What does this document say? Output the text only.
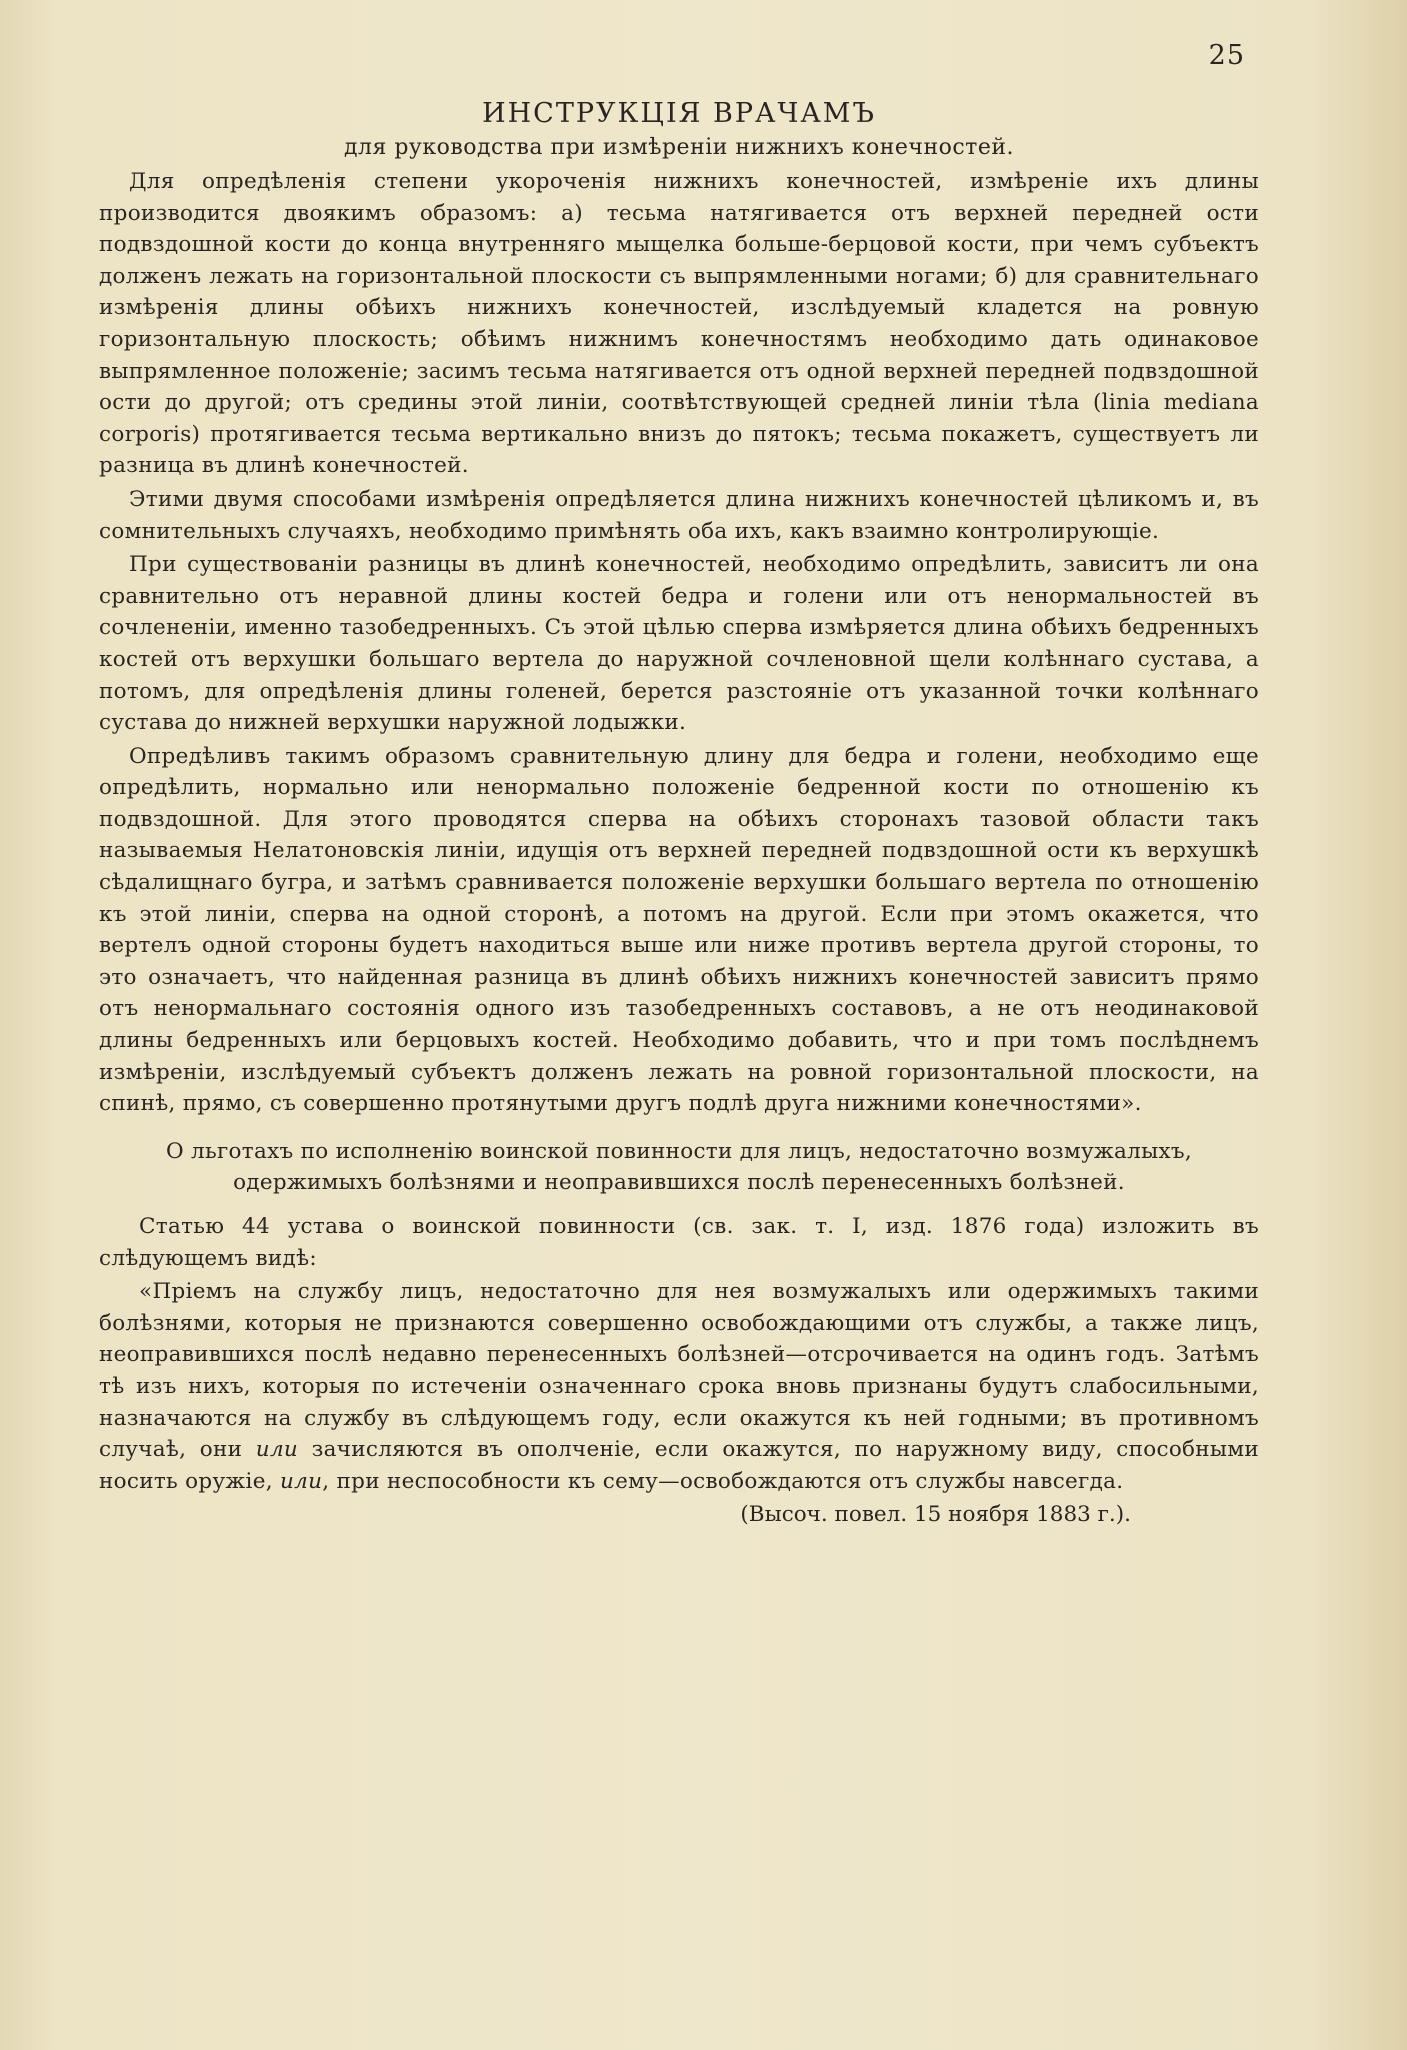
25
ИНСТРУКЦІЯ ВРАЧАМЪ
для руководства при измѣреніи нижнихъ конечностей.

Для опредѣленія степени укороченія нижнихъ конечностей, измѣреніе ихъ длины производится двоякимъ образомъ: а) тесьма натягивается отъ верхней передней ости подвздошной кости до конца внутренняго мыщелка больше-берцовой кости, при чемъ субъектъ долженъ лежать на горизонтальной плоскости съ выпрямленными ногами; б) для сравнительнаго измѣренія длины обѣихъ нижнихъ конечностей, изслѣдуемый кладется на ровную горизонтальную плоскость; обѣимъ нижнимъ конечностямъ необходимо дать одинаковое выпрямленное положеніе; засимъ тесьма натягивается отъ одной верхней передней подвздошной ости до другой; отъ средины этой линіи, соотвѣтствующей средней линіи тѣла (linia mediana corporis) протягивается тесьма вертикально внизъ до пятокъ; тесьма покажетъ, существуетъ ли разница въ длинѣ конечностей.

Этими двумя способами измѣренія опредѣляется длина нижнихъ конечностей цѣликомъ и, въ сомнительныхъ случаяхъ, необходимо примѣнять оба ихъ, какъ взаимно контролирующіе.

При существованіи разницы въ длинѣ конечностей, необходимо опредѣлить, зависитъ ли она сравнительно отъ неравной длины костей бедра и голени или отъ ненормальностей въ сочлененіи, именно тазобедренныхъ. Съ этой цѣлью сперва измѣряется длина обѣихъ бедренныхъ костей отъ верхушки большаго вертела до наружной сочленовной щели колѣннаго сустава, а потомъ, для опредѣленія длины голеней, берется разстояніе отъ указанной точки колѣннаго сустава до нижней верхушки наружной лодыжки.

Опредѣливъ такимъ образомъ сравнительную длину для бедра и голени, необходимо еще опредѣлить, нормально или ненормально положеніе бедренной кости по отношенію къ подвздошной. Для этого проводятся сперва на обѣихъ сторонахъ тазовой области такъ называемыя Нелатоновскія линіи, идущія отъ верхней передней подвздошной ости къ верхушкѣ сѣдалищнаго бугра, и затѣмъ сравнивается положеніе верхушки большаго вертела по отношенію къ этой линіи, сперва на одной сторонѣ, а потомъ на другой. Если при этомъ окажется, что вертелъ одной стороны будетъ находиться выше или ниже противъ вертела другой стороны, то это означаетъ, что найденная разница въ длинѣ обѣихъ нижнихъ конечностей зависитъ прямо отъ ненормальнаго состоянія одного изъ тазобедренныхъ составовъ, а не отъ неодинаковой длины бедренныхъ или берцовыхъ костей. Необходимо добавить, что и при томъ послѣднемъ измѣреніи, изслѣдуемый субъектъ долженъ лежать на ровной горизонтальной плоскости, на спинѣ, прямо, съ совершенно протянутыми другъ подлѣ друга нижними конечностями».

О льготахъ по исполненію воинской повинности для лицъ, недостаточно возмужалыхъ, одержимыхъ болѣзнями и неоправившихся послѣ перенесенныхъ болѣзней.

Статью 44 устава о воинской повинности (св. зак. т. I, изд. 1876 года) изложить въ слѣдующемъ видѣ:

«Пріемъ на службу лицъ, недостаточно для нея возмужалыхъ или одержимыхъ такими болѣзнями, которыя не признаются совершенно освобождающими отъ службы, а также лицъ, неоправившихся послѣ недавно перенесенныхъ болѣзней—отсрочивается на одинъ годъ. Затѣмъ тѣ изъ нихъ, которыя по истеченіи означеннаго срока вновь признаны будутъ слабосильными, назначаются на службу въ слѣдующемъ году, если окажутся къ ней годными; въ противномъ случаѣ, они или зачисляются въ ополченіе, если окажутся, по наружному виду, способными носить оружіе, или, при неспособности къ сему—освобождаются отъ службы навсегда.

(Высоч. повел. 15 ноября 1883 г.).
